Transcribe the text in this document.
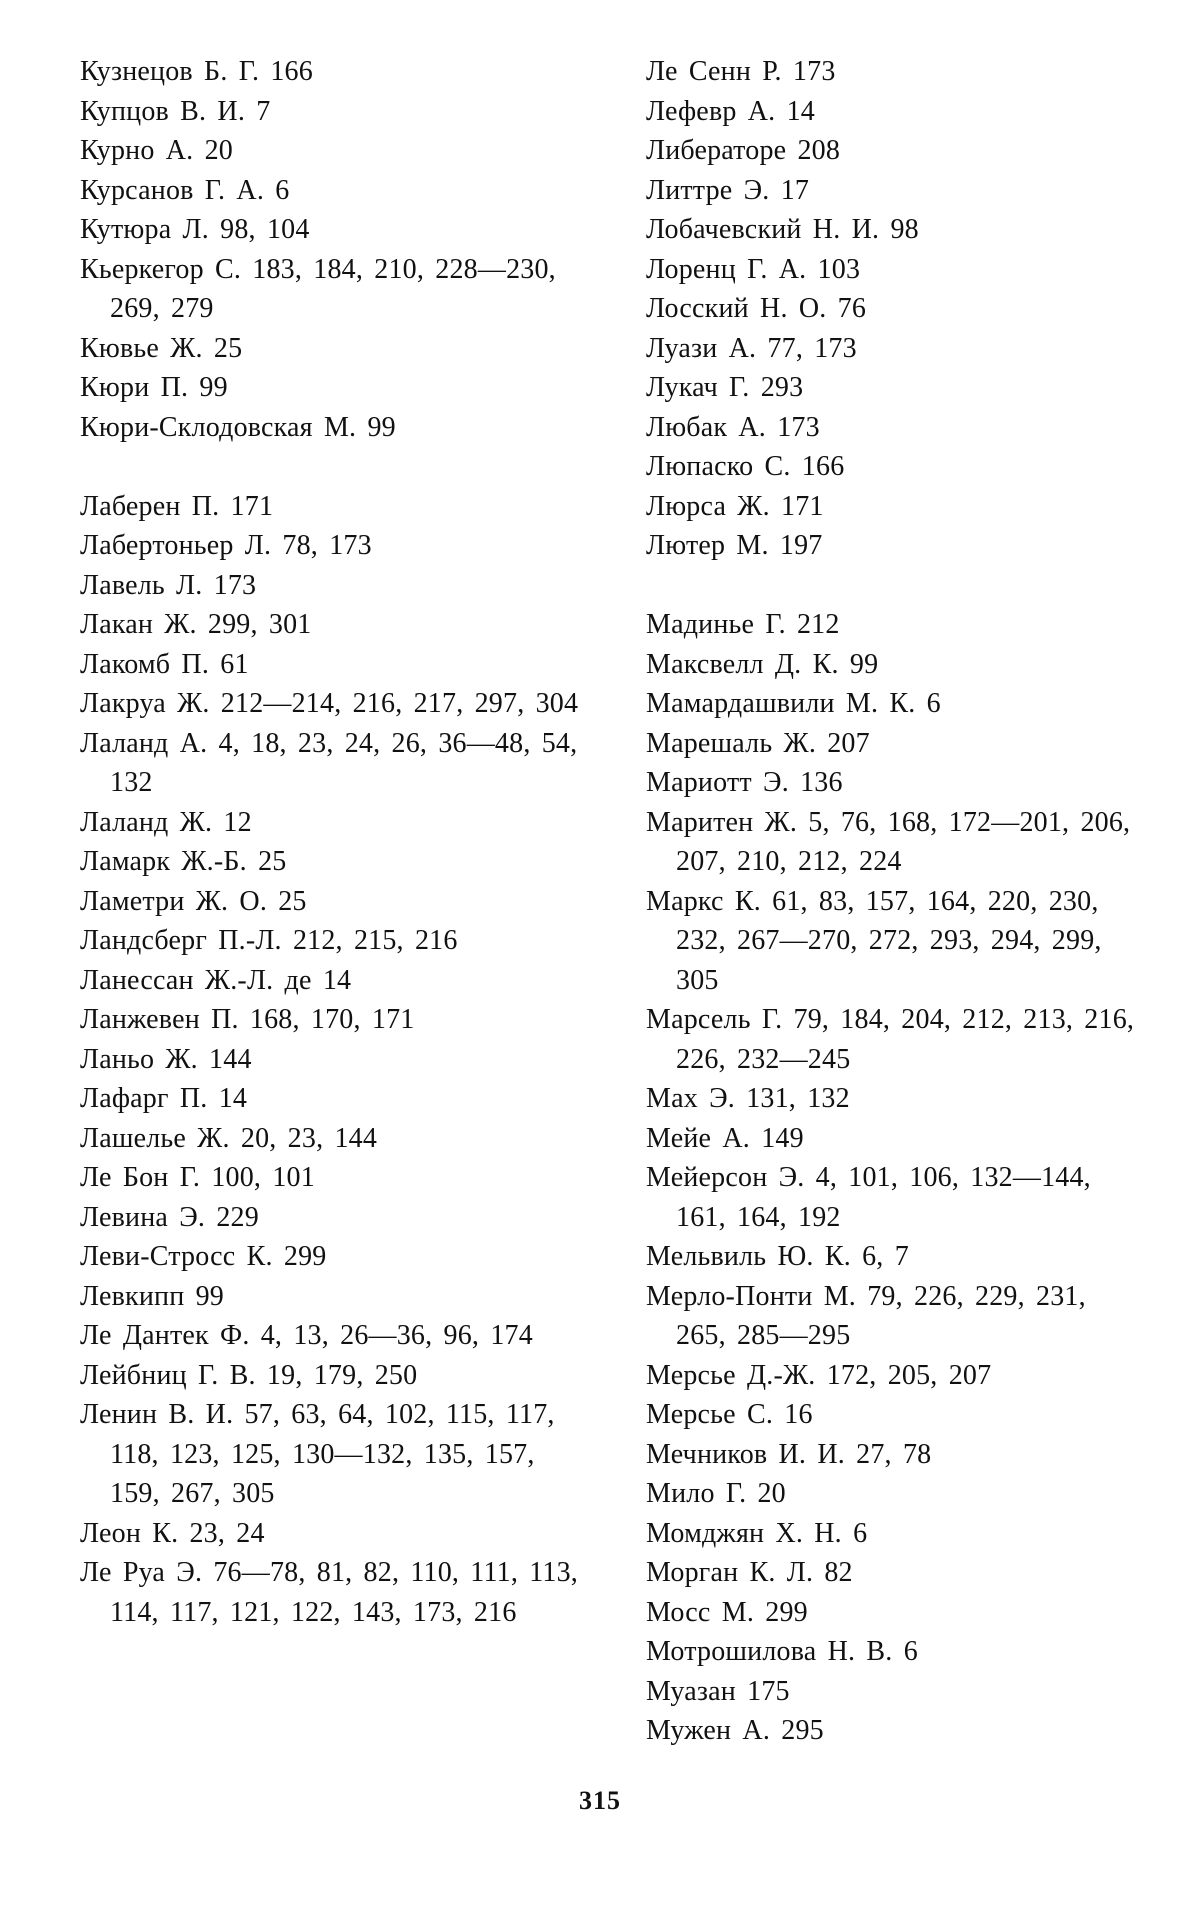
Кузнецов Б. Г. 166
Купцов В. И. 7
Курно А. 20
Курсанов Г. А. 6
Кутюра Л. 98, 104
Кьеркегор С. 183, 184, 210, 228—230, 269, 279
Кювье Ж. 25
Кюри П. 99
Кюри-Склодовская М. 99
Лаберен П. 171
Лабертоньер Л. 78, 173
Лавель Л. 173
Лакан Ж. 299, 301
Лакомб П. 61
Лакруа Ж. 212—214, 216, 217, 297, 304
Лаланд А. 4, 18, 23, 24, 26, 36—48, 54, 132
Лаланд Ж. 12
Ламарк Ж.-Б. 25
Ламетри Ж. О. 25
Ландсберг П.-Л. 212, 215, 216
Ланессан Ж.-Л. де 14
Ланжевен П. 168, 170, 171
Ланьо Ж. 144
Лафарг П. 14
Лашелье Ж. 20, 23, 144
Ле Бон Г. 100, 101
Левина Э. 229
Леви-Стросс К. 299
Левкипп 99
Ле Дантек Ф. 4, 13, 26—36, 96, 174
Лейбниц Г. В. 19, 179, 250
Ленин В. И. 57, 63, 64, 102, 115, 117, 118, 123, 125, 130—132, 135, 157, 159, 267, 305
Леон К. 23, 24
Ле Руа Э. 76—78, 81, 82, 110, 111, 113, 114, 117, 121, 122, 143, 173, 216
Ле Сенн Р. 173
Лефевр А. 14
Либераторе 208
Литтре Э. 17
Лобачевский Н. И. 98
Лоренц Г. А. 103
Лосский Н. О. 76
Луази А. 77, 173
Лукач Г. 293
Любак А. 173
Люпаско С. 166
Люрса Ж. 171
Лютер М. 197
Мадинье Г. 212
Максвелл Д. К. 99
Мамардашвили М. К. 6
Марешаль Ж. 207
Мариотт Э. 136
Маритен Ж. 5, 76, 168, 172—201, 206, 207, 210, 212, 224
Маркс К. 61, 83, 157, 164, 220, 230, 232, 267—270, 272, 293, 294, 299, 305
Марсель Г. 79, 184, 204, 212, 213, 216, 226, 232—245
Мах Э. 131, 132
Мейе А. 149
Мейерсон Э. 4, 101, 106, 132—144, 161, 164, 192
Мельвиль Ю. К. 6, 7
Мерло-Понти М. 79, 226, 229, 231, 265, 285—295
Мерсье Д.-Ж. 172, 205, 207
Мерсье С. 16
Мечников И. И. 27, 78
Мило Г. 20
Момджян Х. Н. 6
Морган К. Л. 82
Мосс М. 299
Мотрошилова Н. В. 6
Муазан 175
Мужен А. 295
315
